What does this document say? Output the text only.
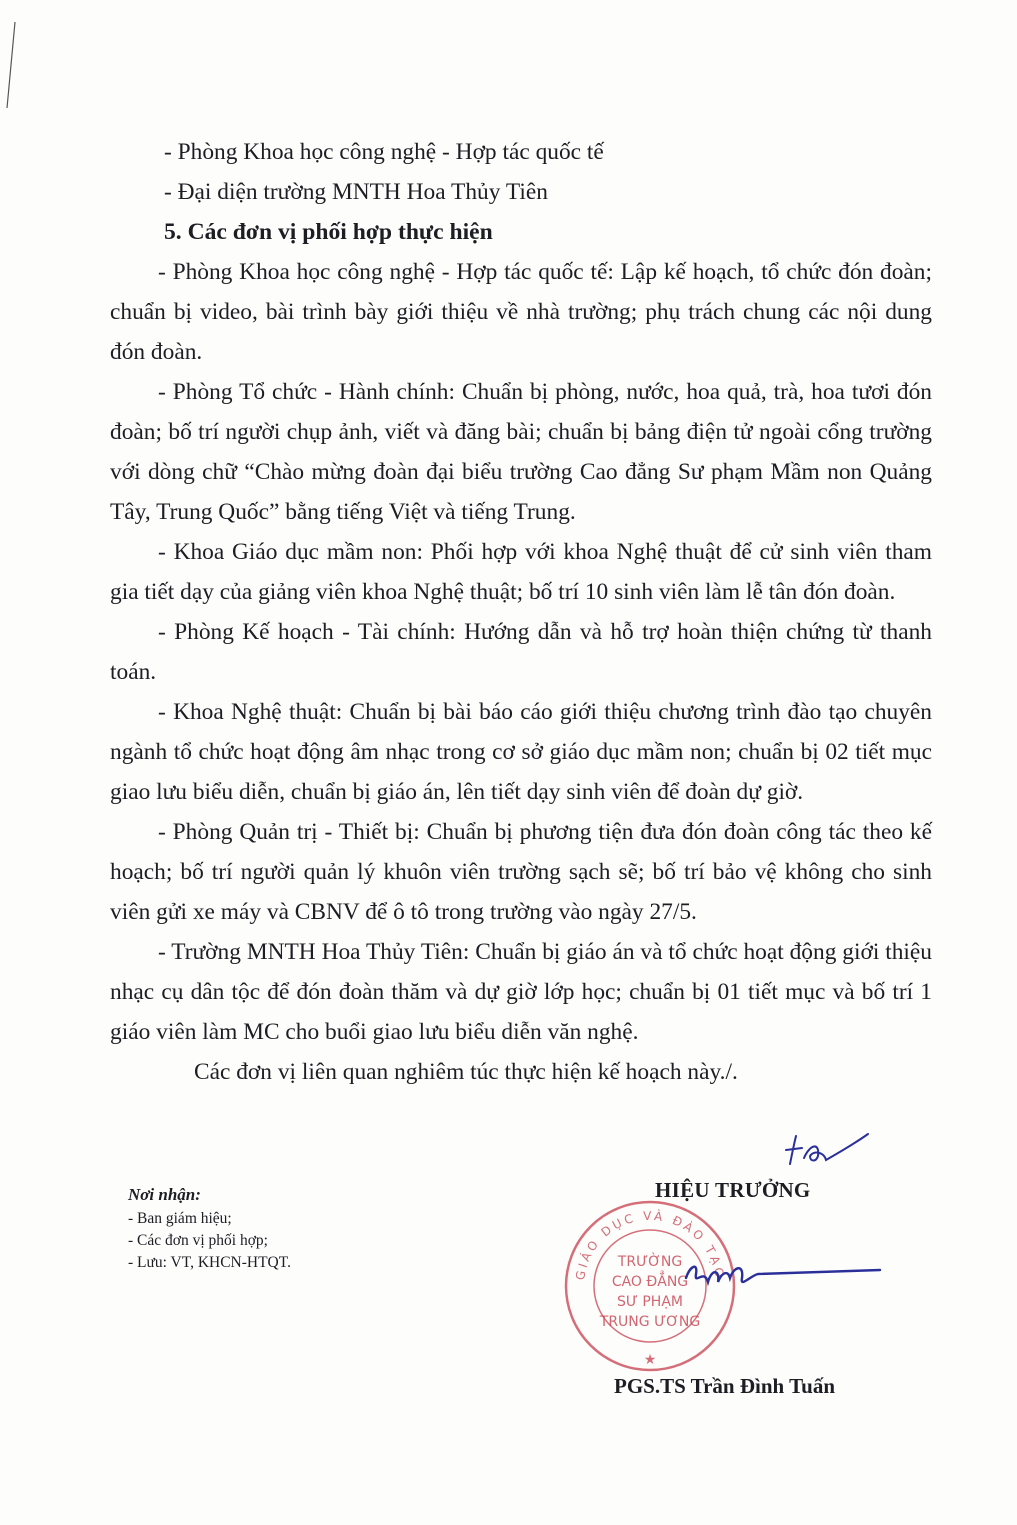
- Phòng Khoa học công nghệ - Hợp tác quốc tế

- Đại diện trường MNTH Hoa Thủy Tiên

5. Các đơn vị phối hợp thực hiện

- Phòng Khoa học công nghệ - Hợp tác quốc tế: Lập kế hoạch, tổ chức đón đoàn; chuẩn bị video, bài trình bày giới thiệu về nhà trường; phụ trách chung các nội dung đón đoàn.

- Phòng Tổ chức - Hành chính: Chuẩn bị phòng, nước, hoa quả, trà, hoa tươi đón đoàn; bố trí người chụp ảnh, viết và đăng bài; chuẩn bị bảng điện tử ngoài cổng trường với dòng chữ “Chào mừng đoàn đại biểu trường Cao đẳng Sư phạm Mầm non Quảng Tây, Trung Quốc” bằng tiếng Việt và tiếng Trung.

- Khoa Giáo dục mầm non: Phối hợp với khoa Nghệ thuật để cử sinh viên tham gia tiết dạy của giảng viên khoa Nghệ thuật; bố trí 10 sinh viên làm lễ tân đón đoàn.

- Phòng Kế hoạch - Tài chính: Hướng dẫn và hỗ trợ hoàn thiện chứng từ thanh toán.

- Khoa Nghệ thuật: Chuẩn bị bài báo cáo giới thiệu chương trình đào tạo chuyên ngành tổ chức hoạt động âm nhạc trong cơ sở giáo dục mầm non; chuẩn bị 02 tiết mục giao lưu biểu diễn, chuẩn bị giáo án, lên tiết dạy sinh viên để đoàn dự giờ.

- Phòng Quản trị - Thiết bị: Chuẩn bị phương tiện đưa đón đoàn công tác theo kế hoạch; bố trí người quản lý khuôn viên trường sạch sẽ; bố trí bảo vệ không cho sinh viên gửi xe máy và CBNV để ô tô trong trường vào ngày 27/5.

- Trường MNTH Hoa Thủy Tiên: Chuẩn bị giáo án và tổ chức hoạt động giới thiệu nhạc cụ dân tộc để đón đoàn thăm và dự giờ lớp học; chuẩn bị 01 tiết mục và bố trí 1 giáo viên làm MC cho buổi giao lưu biểu diễn văn nghệ.

Các đơn vị liên quan nghiêm túc thực hiện kế hoạch này./.

Nơi nhận:

- Ban giám hiệu;

- Các đơn vị phối hợp;

- Lưu: VT, KHCN-HTQT.

HIỆU TRƯỞNG
GIÁO DỤC VÀ ĐÀO TẠO
TRƯỜNG
CAO ĐẲNG
SƯ PHẠM
TRUNG ƯƠNG
★
PGS.TS Trần Đình Tuấn
